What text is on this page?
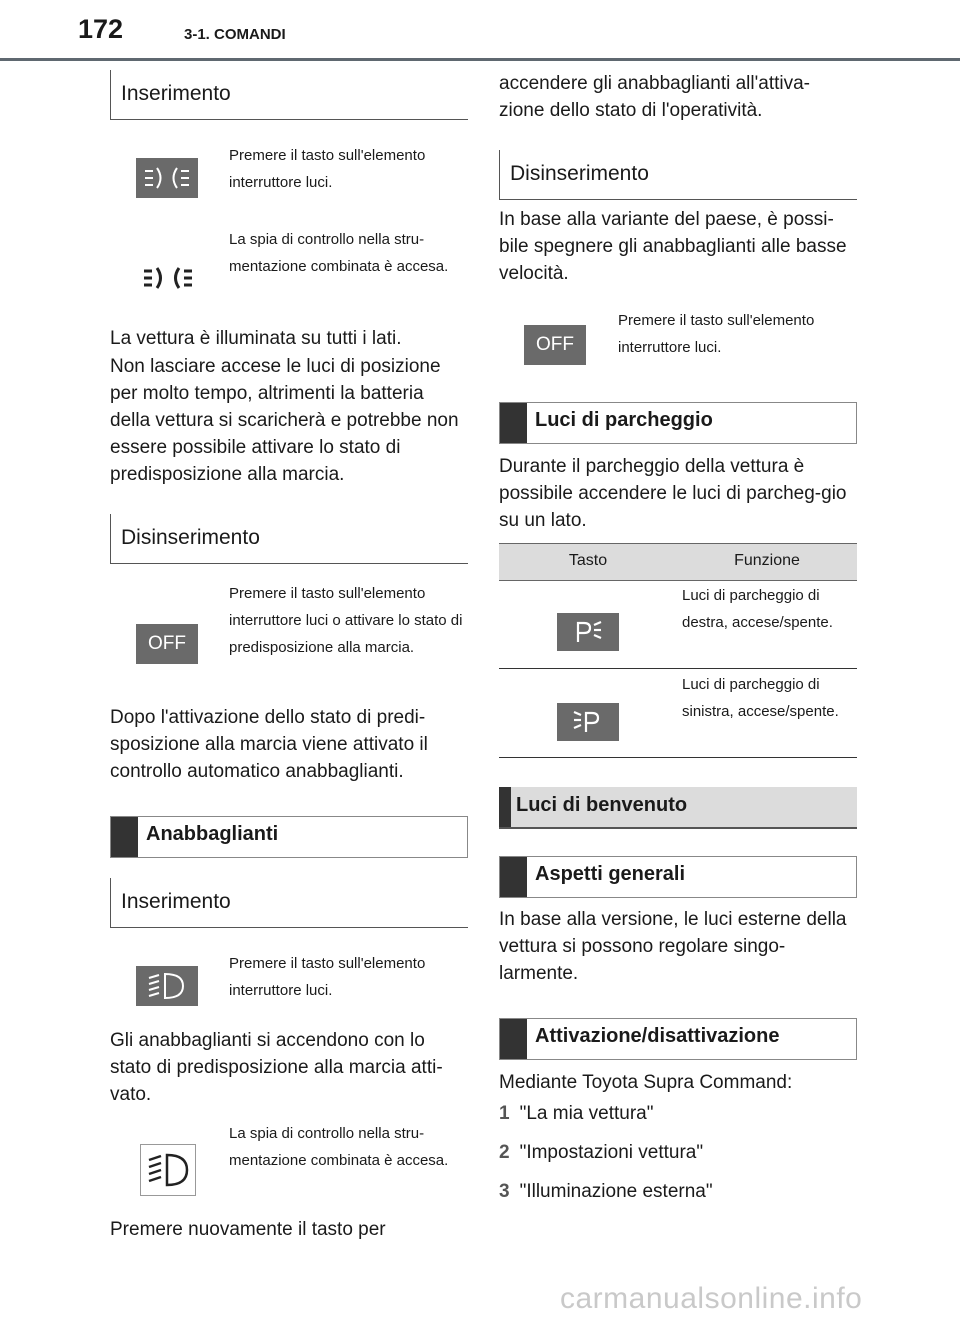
172	3-1. COMANDI
Inserimento
Premere il tasto sull'elemento interruttore luci.
La spia di controllo nella stru-mentazione combinata è accesa.
La vettura è illuminata su tutti i lati.
Non lasciare accese le luci di posizione per molto tempo, altrimenti la batteria della vettura si scaricherà e potrebbe non essere possibile attivare lo stato di predisposizione alla marcia.
Disinserimento
OFF
Premere il tasto sull'elemento interruttore luci o attivare lo stato di predisposizione alla marcia.
Dopo l'attivazione dello stato di predi-sposizione alla marcia viene attivato il controllo automatico anabbaglianti.
Anabbaglianti
Inserimento
Premere il tasto sull'elemento interruttore luci.
Gli anabbaglianti si accendono con lo stato di predisposizione alla marcia atti-vato.
La spia di controllo nella stru-mentazione combinata è accesa.
Premere nuovamente il tasto per
accendere gli anabbaglianti all'attiva-zione dello stato di l'operatività.
Disinserimento
In base alla variante del paese, è possi-bile spegnere gli anabbaglianti alle basse velocità.
OFF
Premere il tasto sull'elemento interruttore luci.
Luci di parcheggio
Durante il parcheggio della vettura è possibile accendere le luci di parcheg-gio su un lato.
Tasto	Funzione
Luci di parcheggio di destra, accese/spente.
Luci di parcheggio di sinistra, accese/spente.
Luci di benvenuto
Aspetti generali
In base alla versione, le luci esterne della vettura si possono regolare singo-larmente.
Attivazione/disattivazione
Mediante Toyota Supra Command:
1 "La mia vettura"
2 "Impostazioni vettura"
3 "Illuminazione esterna"
carmanualsonline.info
